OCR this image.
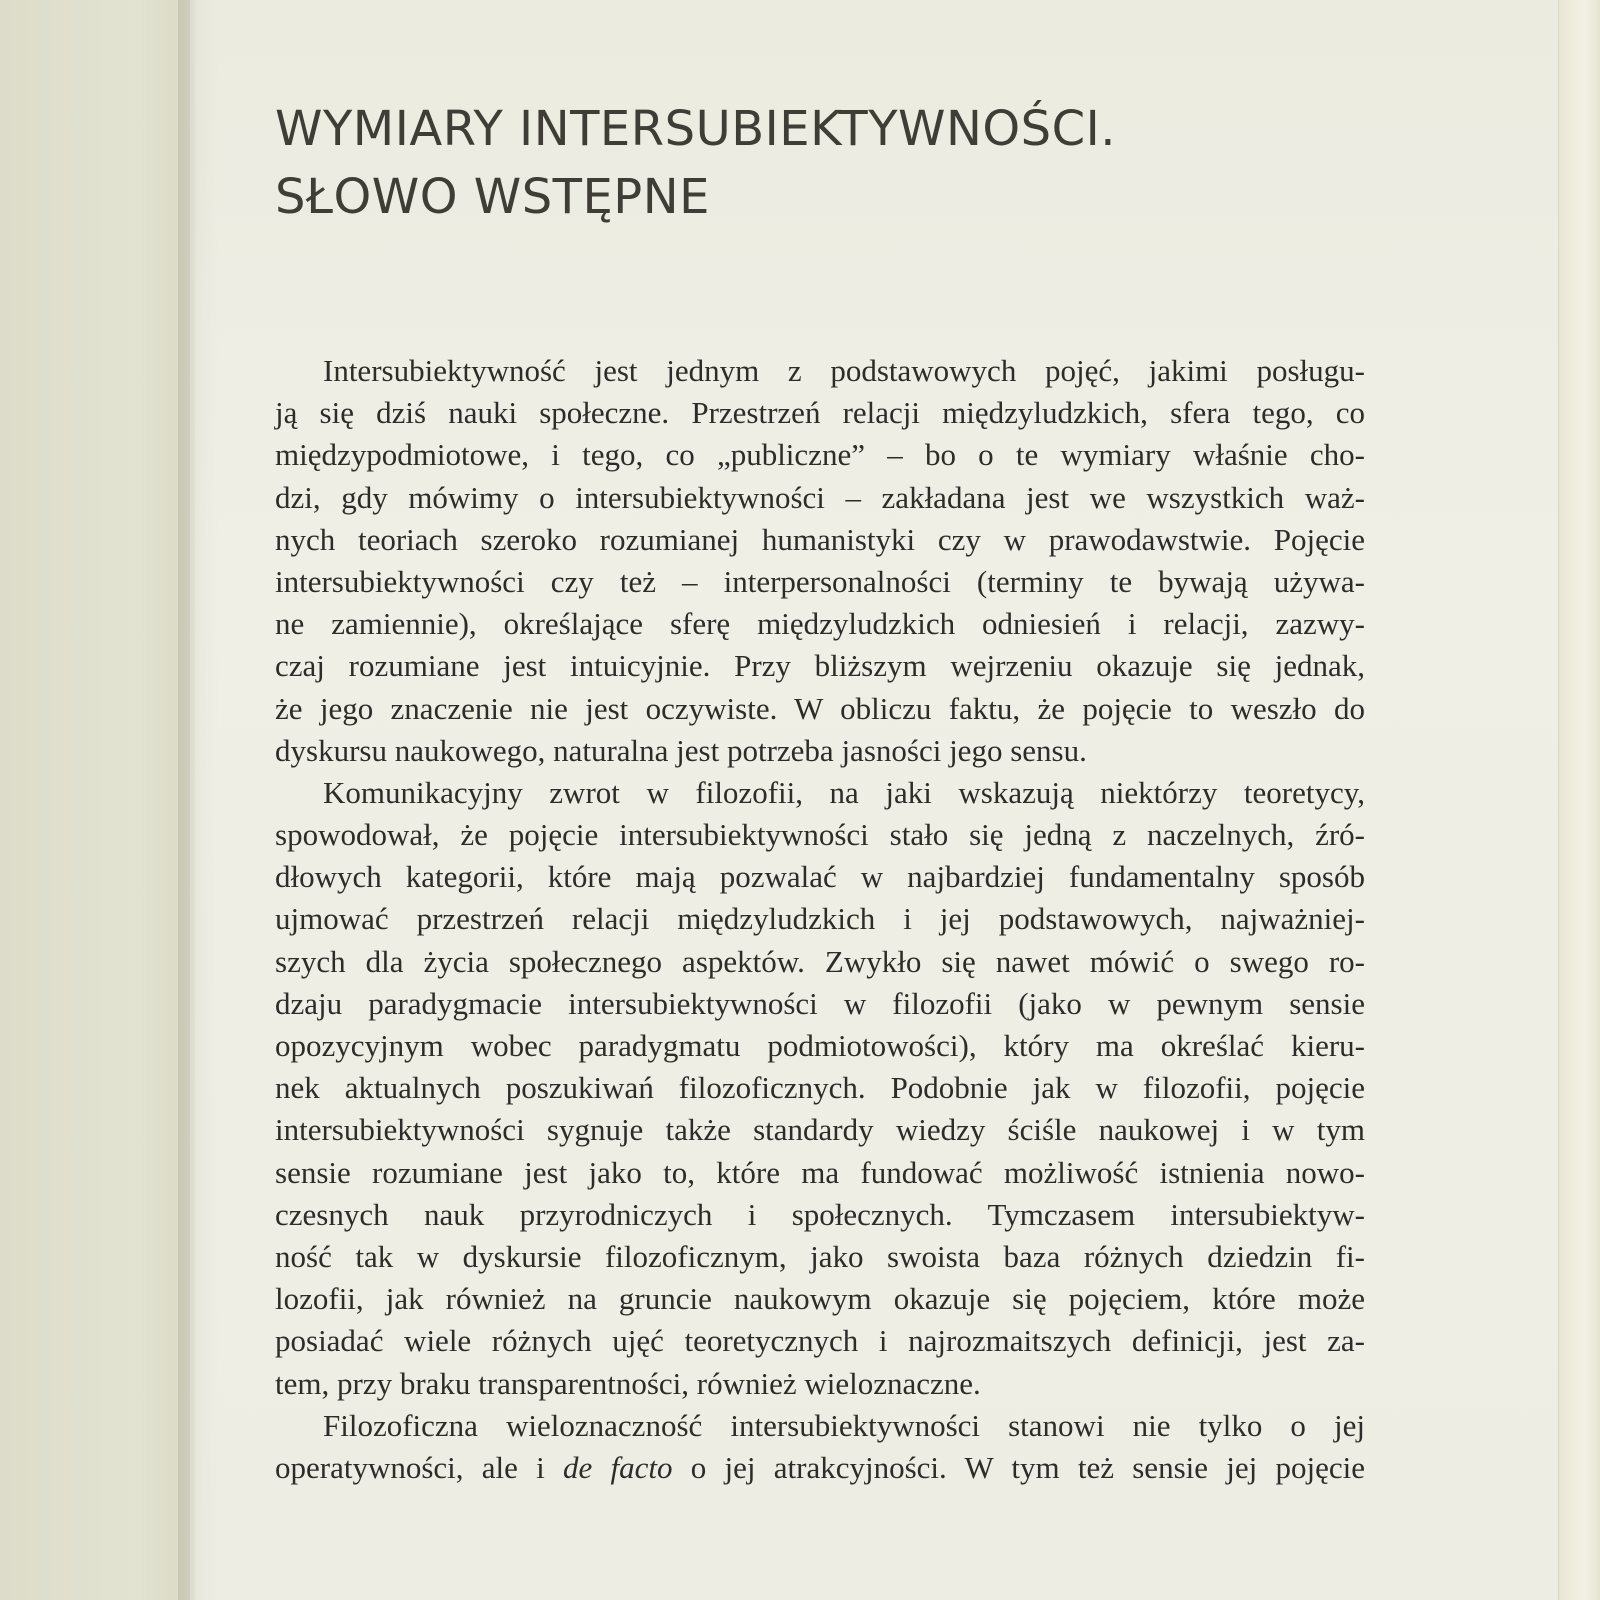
WYMIARY INTERSUBIEKTYWNOŚCI.
SŁOWO WSTĘPNE
Intersubiektywność jest jednym z podstawowych pojęć, jakimi posługu-
ją się dziś nauki społeczne. Przestrzeń relacji międzyludzkich, sfera tego, co
międzypodmiotowe, i tego, co „publiczne” – bo o te wymiary właśnie cho-
dzi, gdy mówimy o intersubiektywności – zakładana jest we wszystkich waż-
nych teoriach szeroko rozumianej humanistyki czy w prawodawstwie. Pojęcie
intersubiektywności czy też – interpersonalności (terminy te bywają używa-
ne zamiennie), określające sferę międzyludzkich odniesień i relacji, zazwy-
czaj rozumiane jest intuicyjnie. Przy bliższym wejrzeniu okazuje się jednak,
że jego znaczenie nie jest oczywiste. W obliczu faktu, że pojęcie to weszło do
dyskursu naukowego, naturalna jest potrzeba jasności jego sensu.
Komunikacyjny zwrot w filozofii, na jaki wskazują niektórzy teoretycy,
spowodował, że pojęcie intersubiektywności stało się jedną z naczelnych, źró-
dłowych kategorii, które mają pozwalać w najbardziej fundamentalny sposób
ujmować przestrzeń relacji międzyludzkich i jej podstawowych, najważniej-
szych dla życia społecznego aspektów. Zwykło się nawet mówić o swego ro-
dzaju paradygmacie intersubiektywności w filozofii (jako w pewnym sensie
opozycyjnym wobec paradygmatu podmiotowości), który ma określać kieru-
nek aktualnych poszukiwań filozoficznych. Podobnie jak w filozofii, pojęcie
intersubiektywności sygnuje także standardy wiedzy ściśle naukowej i w tym
sensie rozumiane jest jako to, które ma fundować możliwość istnienia nowo-
czesnych nauk przyrodniczych i społecznych. Tymczasem intersubiektyw-
ność tak w dyskursie filozoficznym, jako swoista baza różnych dziedzin fi-
lozofii, jak również na gruncie naukowym okazuje się pojęciem, które może
posiadać wiele różnych ujęć teoretycznych i najrozmaitszych definicji, jest za-
tem, przy braku transparentności, również wieloznaczne.
Filozoficzna wieloznaczność intersubiektywności stanowi nie tylko o jej
operatywności, ale i de facto o jej atrakcyjności. W tym też sensie jej pojęcie
